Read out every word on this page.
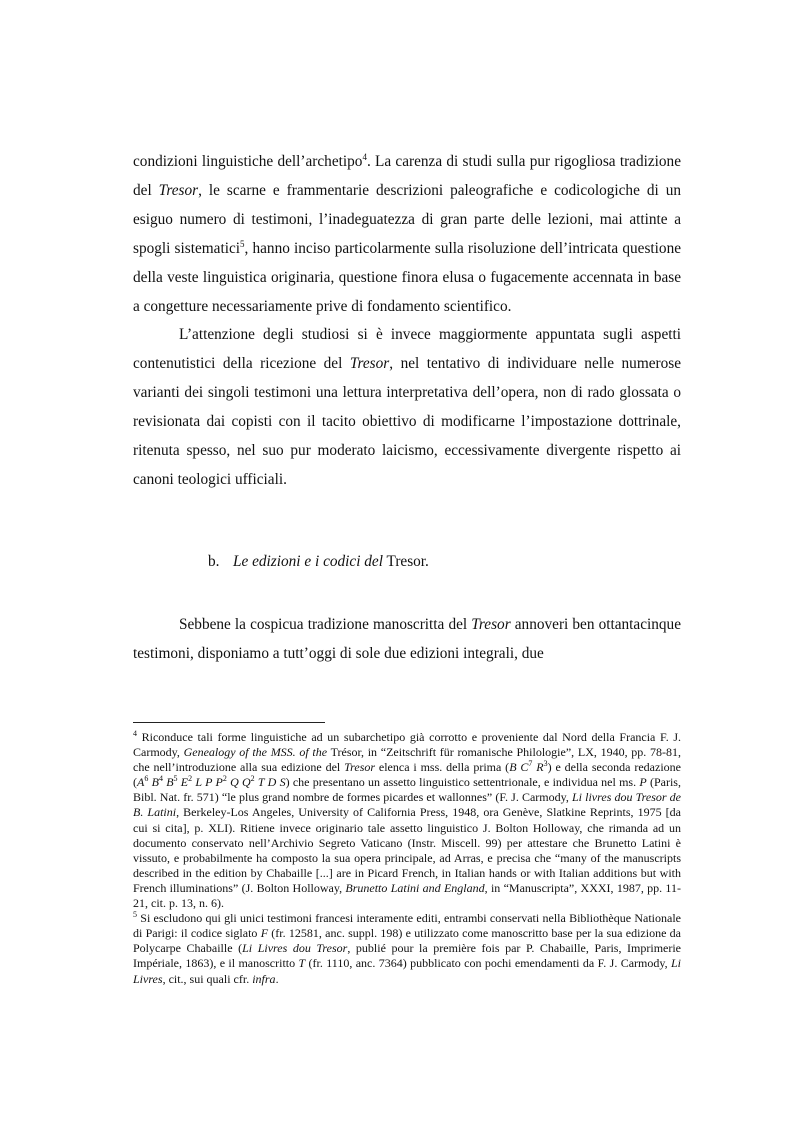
condizioni linguistiche dell’archetipo$^4$. La carenza di studi sulla pur rigogliosa tradizione del Tresor, le scarne e frammentarie descrizioni paleografiche e codicologiche di un esiguo numero di testimoni, l’inadeguatezza di gran parte delle lezioni, mai attinte a spogli sistematici$^5$, hanno inciso particolarmente sulla risoluzione dell’intricata questione della veste linguistica originaria, questione finora elusa o fugacemente accennata in base a congetture necessariamente prive di fondamento scientifico.

L’attenzione degli studiosi si è invece maggiormente appuntata sugli aspetti contenutistici della ricezione del Tresor, nel tentativo di individuare nelle numerose varianti dei singoli testimoni una lettura interpretativa dell’opera, non di rado glossata o revisionata dai copisti con il tacito obiettivo di modificarne l’impostazione dottrinale, ritenuta spesso, nel suo pur moderato laicismo, eccessivamente divergente rispetto ai canoni teologici ufficiali.

b. Le edizioni e i codici del Tresor.

Sebbene la cospicua tradizione manoscritta del Tresor annoveri ben ottantacinque testimoni, disponiamo a tutt’oggi di sole due edizioni integrali, due

$^4$ Riconduce tali forme linguistiche ad un subarchetipo già corrotto e proveniente dal Nord della Francia F. J. Carmody, Genealogy of the MSS. of the Trésor, in “Zeitschrift für romanische Philologie”, LX, 1940, pp. 78-81, che nell’introduzione alla sua edizione del Tresor elenca i mss. della prima (B $C^7$ $R^3$) e della seconda redazione ($A^6$ $B^4$ $B^5$ $E^2$ L P $P^2$ Q $Q^2$ T D S) che presentano un assetto linguistico settentrionale, e individua nel ms. P (Paris, Bibl. Nat. fr. 571) “le plus grand nombre de formes picardes et wallonnes” (F. J. Carmody, Li livres dou Tresor de B. Latini, Berkeley-Los Angeles, University of California Press, 1948, ora Genève, Slatkine Reprints, 1975 [da cui si cita], p. XLI). Ritiene invece originario tale assetto linguistico J. Bolton Holloway, che rimanda ad un documento conservato nell’Archivio Segreto Vaticano (Instr. Miscell. 99) per attestare che Brunetto Latini è vissuto, e probabilmente ha composto la sua opera principale, ad Arras, e precisa che “many of the manuscripts described in the edition by Chabaille [...] are in Picard French, in Italian hands or with Italian additions but with French illuminations” (J. Bolton Holloway, Brunetto Latini and England, in “Manuscripta”, XXXI, 1987, pp. 11-21, cit. p. 13, n. 6).

$^5$ Si escludono qui gli unici testimoni francesi interamente editi, entrambi conservati nella Bibliothèque Nationale di Parigi: il codice siglato F (fr. 12581, anc. suppl. 198) e utilizzato come manoscritto base per la sua edizione da Polycarpe Chabaille (Li Livres dou Tresor, publié pour la première fois par P. Chabaille, Paris, Imprimerie Impériale, 1863), e il manoscritto T (fr. 1110, anc. 7364) pubblicato con pochi emendamenti da F. J. Carmody, Li Livres, cit., sui quali cfr. infra.
